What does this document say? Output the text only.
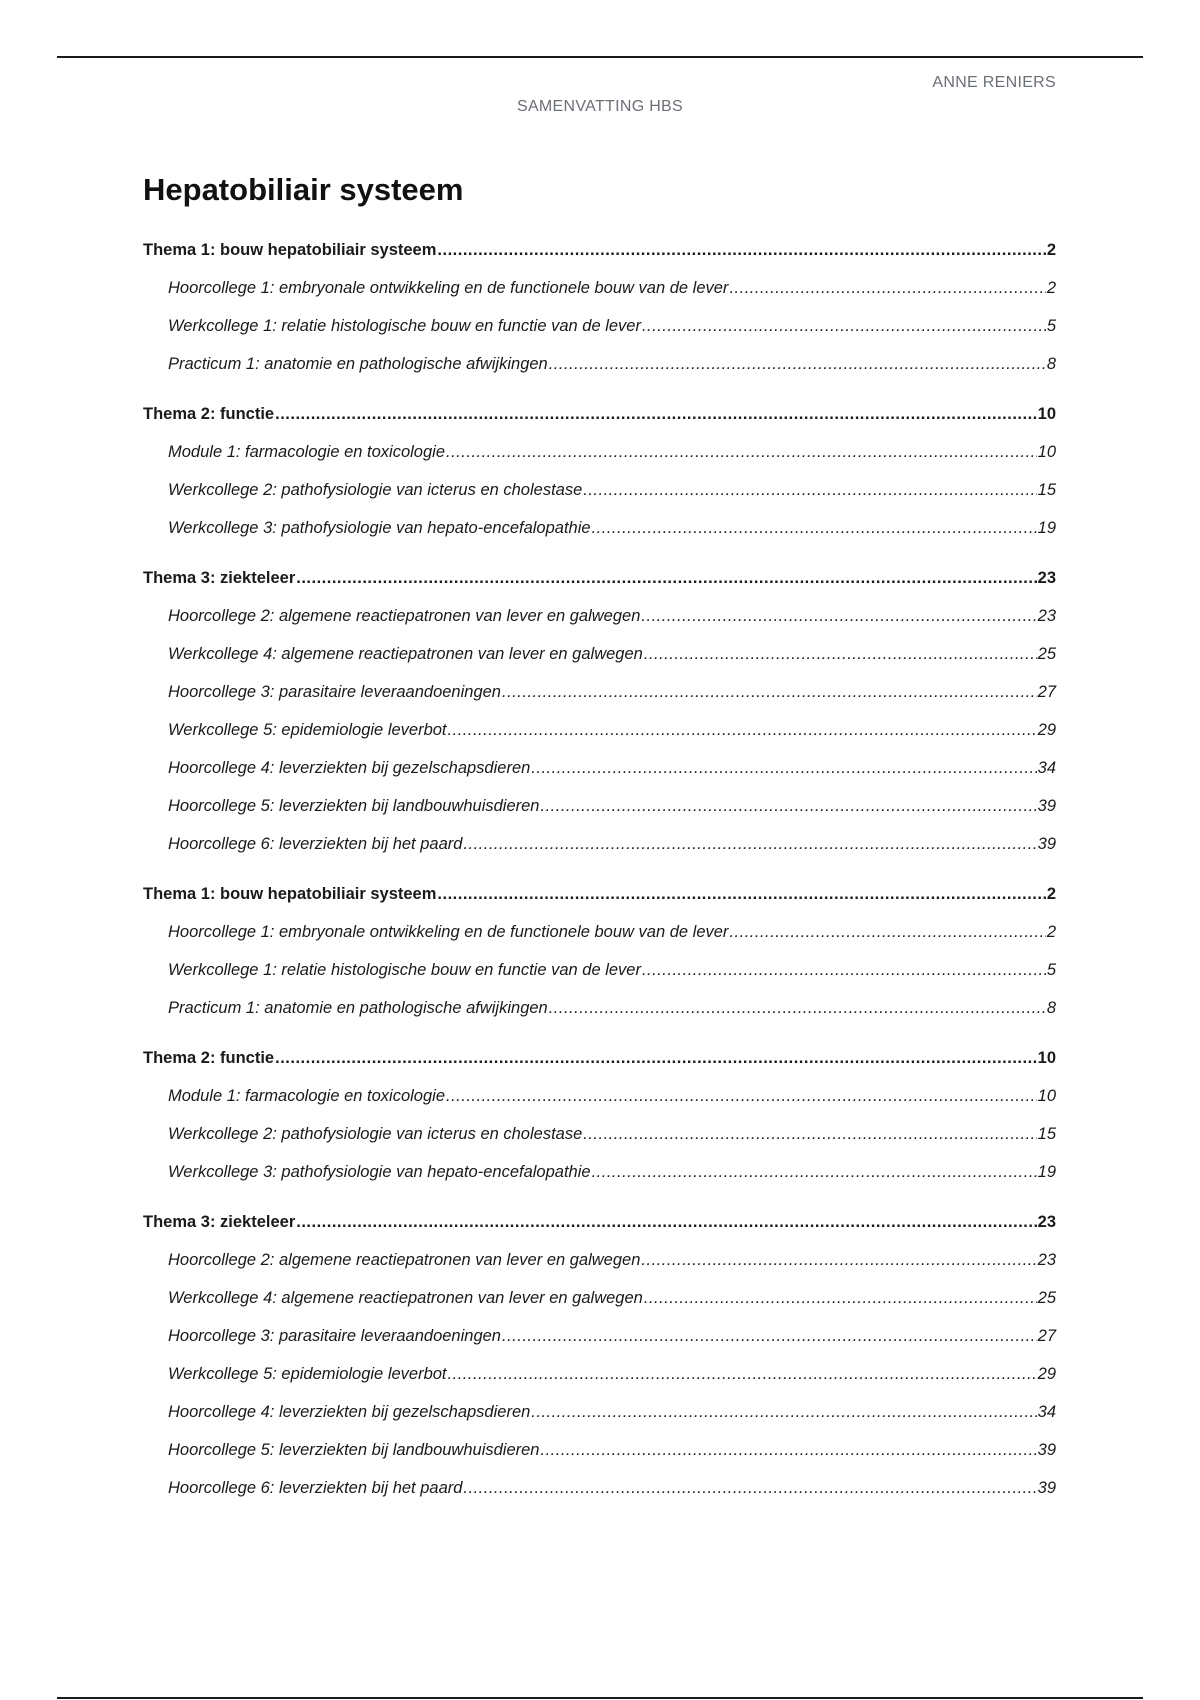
ANNE RENIERS
SAMENVATTING HBS
Hepatobiliair systeem
Thema 1: bouw hepatobiliair systeem .....	2
Hoorcollege 1: embryonale ontwikkeling en de functionele bouw van de lever .....	2
Werkcollege 1: relatie histologische bouw en functie van de lever .....	5
Practicum 1: anatomie en pathologische afwijkingen .....	8
Thema 2: functie .....	10
Module 1: farmacologie en toxicologie .....	10
Werkcollege 2: pathofysiologie van icterus en cholestase .....	15
Werkcollege 3: pathofysiologie van hepato-encefalopathie .....	19
Thema 3: ziekteleer .....	23
Hoorcollege 2: algemene reactiepatronen van lever en galwegen .....	23
Werkcollege 4: algemene reactiepatronen van lever en galwegen .....	25
Hoorcollege 3: parasitaire leveraandoeningen .....	27
Werkcollege 5: epidemiologie leverbot .....	29
Hoorcollege 4: leverziekten bij gezelschapsdieren .....	34
Hoorcollege 5: leverziekten bij landbouwhuisdieren .....	39
Hoorcollege 6: leverziekten bij het paard .....	39
Thema 1: bouw hepatobiliair systeem .....	2
Hoorcollege 1: embryonale ontwikkeling en de functionele bouw van de lever .....	2
Werkcollege 1: relatie histologische bouw en functie van de lever .....	5
Practicum 1: anatomie en pathologische afwijkingen .....	8
Thema 2: functie .....	10
Module 1: farmacologie en toxicologie .....	10
Werkcollege 2: pathofysiologie van icterus en cholestase .....	15
Werkcollege 3: pathofysiologie van hepato-encefalopathie .....	19
Thema 3: ziekteleer .....	23
Hoorcollege 2: algemene reactiepatronen van lever en galwegen .....	23
Werkcollege 4: algemene reactiepatronen van lever en galwegen .....	25
Hoorcollege 3: parasitaire leveraandoeningen .....	27
Werkcollege 5: epidemiologie leverbot .....	29
Hoorcollege 4: leverziekten bij gezelschapsdieren .....	34
Hoorcollege 5: leverziekten bij landbouwhuisdieren .....	39
Hoorcollege 6: leverziekten bij het paard .....	39
